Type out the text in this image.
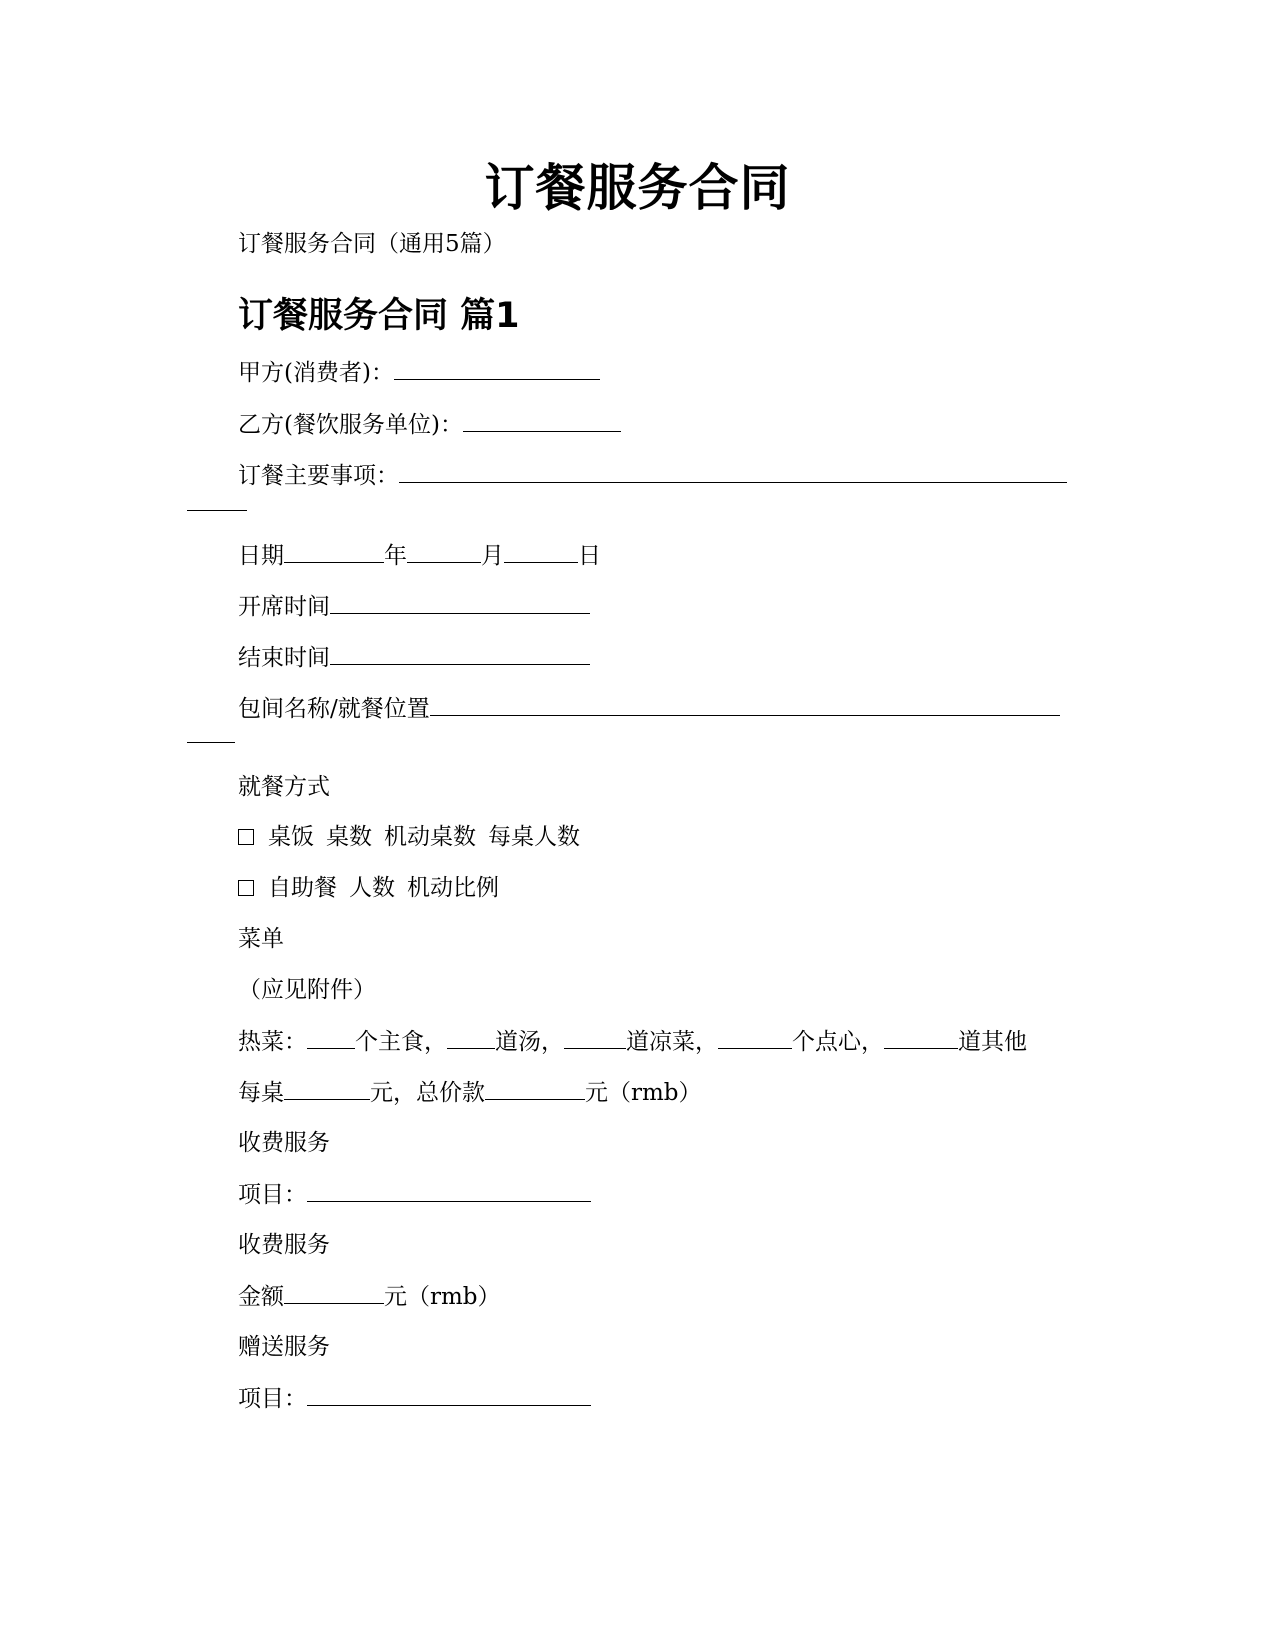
订餐服务合同
订餐服务合同（通用5篇）
订餐服务合同 篇1
甲方(消费者)：
乙方(餐饮服务单位)：
订餐主要事项：
日期	年	月	日
开席时间
结束时间
包间名称/就餐位置
就餐方式
桌饭 桌数 机动桌数 每桌人数
自助餐 人数 机动比例
菜单
（应见附件）
热菜： 个主食， 道汤，	道凉菜，	个点心，	道其他
每桌	元，总价款	元（rmb）
收费服务
项目：
收费服务
金额	元（rmb）
赠送服务
项目：
